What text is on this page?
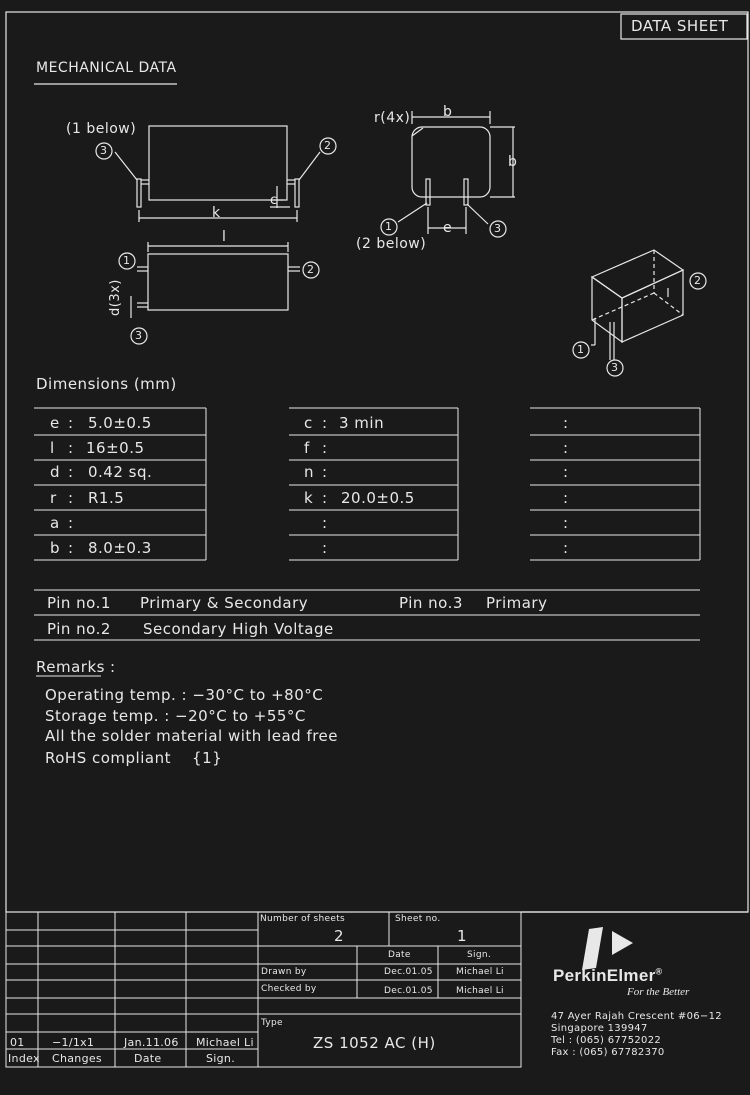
DATA SHEET
MECHANICAL DATA
(1 below)
3	2
k
c
l
1
2
3
d(3x)
r(4x) b
b
e
1	3
(2 below)
2
1
3
Dimensions (mm)
e : 5.0±0.5
l : 16±0.5
d : 0.42 sq.
r : R1.5
a :
b : 8.0±0.3
c : 3 min
f :
n :
k : 20.0±0.5
:
:
:
:
:
:
:
:
Pin no.1 Primary & Secondary	Pin no.3 Primary
Pin no.2 Secondary High Voltage
Remarks :
Operating temp. : −30°C to +80°C
Storage temp. : −20°C to +55°C
All the solder material with lead free
RoHS compliant    {1}
Number of sheets
2
Sheet no.
1
Date	Sign.
Drawn by	Dec.01.05	Michael Li
Checked by	Dec.01.05	Michael Li
Type
ZS 1052 AC (H)
01 −1/1x1	Jan.11.06 Michael Li
Index Changes	Date	Sign.
PerkinElmer®
For the Better
47 Ayer Rajah Crescent #06−12
Singapore 139947
Tel : (065) 67752022
Fax : (065) 67782370
